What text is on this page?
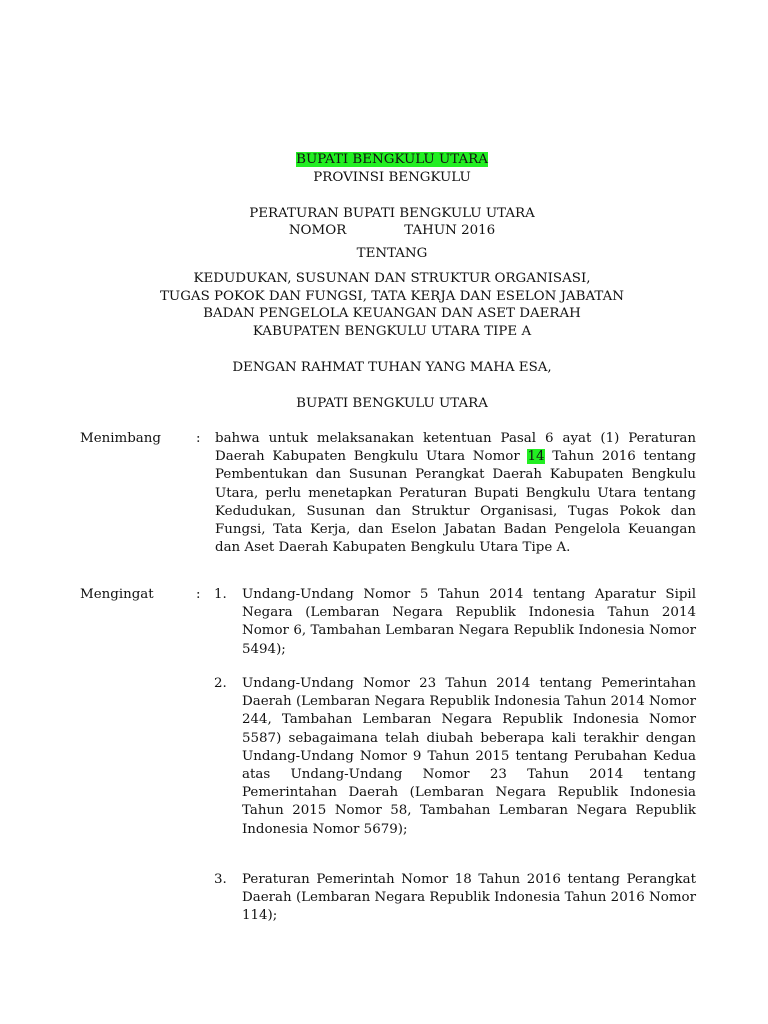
BUPATI BENGKULU UTARA
PROVINSI BENGKULU
PERATURAN BUPATI BENGKULU UTARA
NOMOR	TAHUN 2016
TENTANG
KEDUDUKAN, SUSUNAN DAN STRUKTUR ORGANISASI,
TUGAS POKOK DAN FUNGSI, TATA KERJA DAN ESELON JABATAN
BADAN PENGELOLA KEUANGAN DAN ASET DAERAH
KABUPATEN BENGKULU UTARA TIPE A
DENGAN RAHMAT TUHAN YANG MAHA ESA,
BUPATI BENGKULU UTARA
Menimbang	: bahwa untuk melaksanakan ketentuan Pasal 6 ayat (1) Peraturan Daerah Kabupaten Bengkulu Utara Nomor 14 Tahun 2016 tentang Pembentukan dan Susunan Perangkat Daerah Kabupaten Bengkulu Utara, perlu menetapkan Peraturan Bupati Bengkulu Utara tentang Kedudukan, Susunan dan Struktur Organisasi, Tugas Pokok dan Fungsi, Tata Kerja, dan Eselon Jabatan Badan Pengelola Keuangan dan Aset Daerah Kabupaten Bengkulu Utara Tipe A.

Mengingat	: 1. Undang-Undang Nomor 5 Tahun 2014 tentang Aparatur Sipil Negara (Lembaran Negara Republik Indonesia Tahun 2014 Nomor 6, Tambahan Lembaran Negara Republik Indonesia Nomor 5494);

2. Undang-Undang Nomor 23 Tahun 2014 tentang Pemerintahan Daerah (Lembaran Negara Republik Indonesia Tahun 2014 Nomor 244, Tambahan Lembaran Negara Republik Indonesia Nomor 5587) sebagaimana telah diubah beberapa kali terakhir dengan Undang-Undang Nomor 9 Tahun 2015 tentang Perubahan Kedua atas Undang-Undang Nomor 23 Tahun 2014 tentang Pemerintahan Daerah (Lembaran Negara Republik Indonesia Tahun 2015 Nomor 58, Tambahan Lembaran Negara Republik Indonesia Nomor 5679);

3. Peraturan Pemerintah Nomor 18 Tahun 2016 tentang Perangkat Daerah (Lembaran Negara Republik Indonesia Tahun 2016 Nomor 114);
